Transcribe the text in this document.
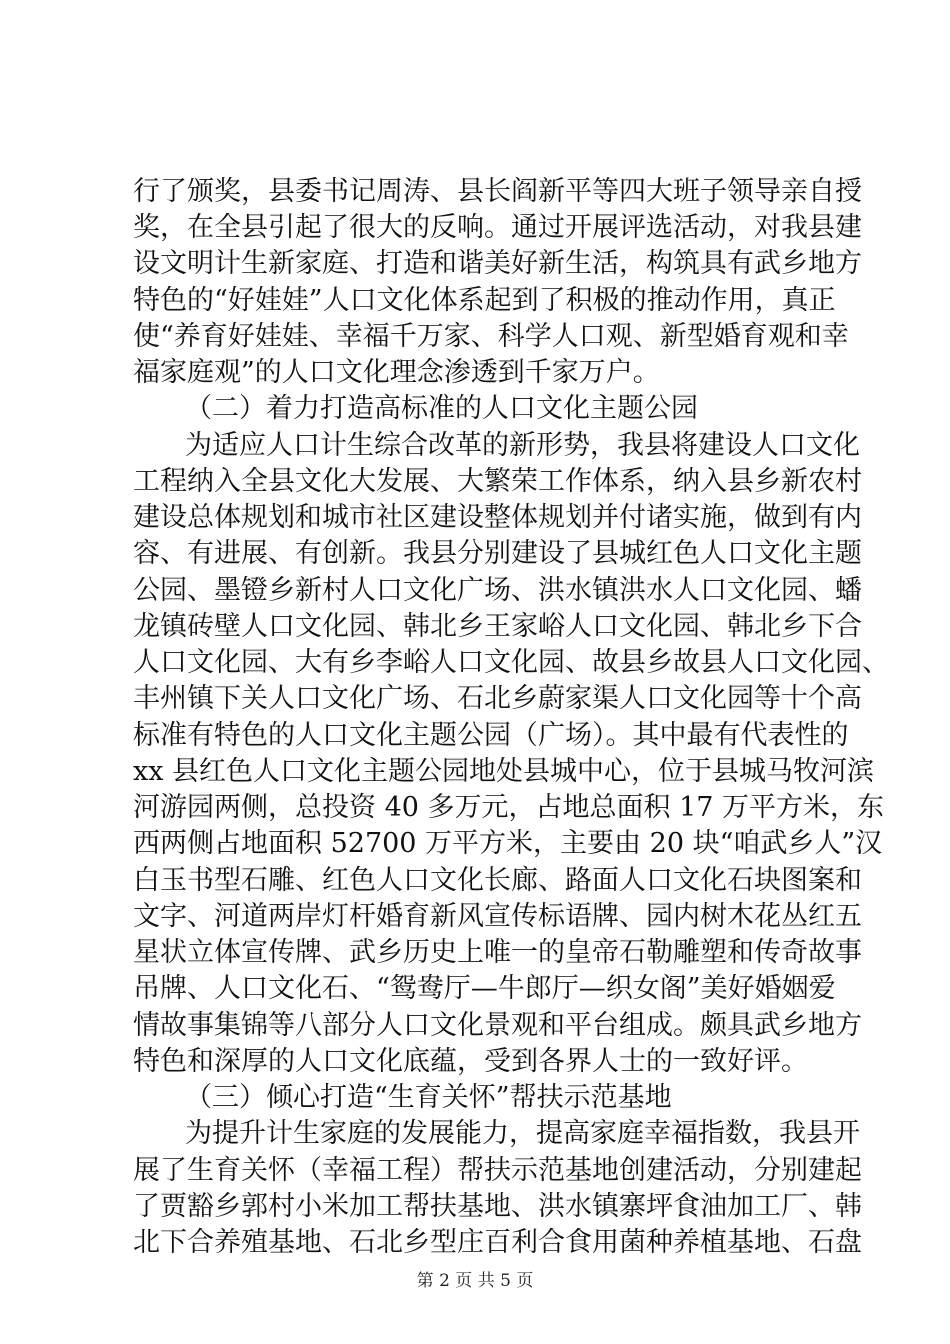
行了颁奖，县委书记周涛、县长阎新平等四大班子领导亲自授
奖，在全县引起了很大的反响。通过开展评选活动，对我县建
设文明计生新家庭、打造和谐美好新生活，构筑具有武乡地方
特色的“好娃娃”人口文化体系起到了积极的推动作用，真正
使“养育好娃娃、幸福千万家、科学人口观、新型婚育观和幸
福家庭观”的人口文化理念渗透到千家万户。
（二）着力打造高标准的人口文化主题公园
为适应人口计生综合改革的新形势，我县将建设人口文化
工程纳入全县文化大发展、大繁荣工作体系，纳入县乡新农村
建设总体规划和城市社区建设整体规划并付诸实施，做到有内
容、有进展、有创新。我县分别建设了县城红色人口文化主题
公园、墨镫乡新村人口文化广场、洪水镇洪水人口文化园、蟠
龙镇砖壁人口文化园、韩北乡王家峪人口文化园、韩北乡下合
人口文化园、大有乡李峪人口文化园、故县乡故县人口文化园、
丰州镇下关人口文化广场、石北乡蔚家渠人口文化园等十个高
标准有特色的人口文化主题公园（广场）。其中最有代表性的
xx 县红色人口文化主题公园地处县城中心，位于县城马牧河滨
河游园两侧，总投资 40 多万元，占地总面积 17 万平方米，东
西两侧占地面积 52700 万平方米，主要由 20 块“咱武乡人”汉
白玉书型石雕、红色人口文化长廊、路面人口文化石块图案和
文字、河道两岸灯杆婚育新风宣传标语牌、园内树木花丛红五
星状立体宣传牌、武乡历史上唯一的皇帝石勒雕塑和传奇故事
吊牌、人口文化石、“鸳鸯厅—牛郎厅—织女阁”美好婚姻爱
情故事集锦等八部分人口文化景观和平台组成。颇具武乡地方
特色和深厚的人口文化底蕴，受到各界人士的一致好评。
（三）倾心打造“生育关怀”帮扶示范基地
为提升计生家庭的发展能力，提高家庭幸福指数，我县开
展了生育关怀（幸福工程）帮扶示范基地创建活动，分别建起
了贾豁乡郭村小米加工帮扶基地、洪水镇寨坪食油加工厂、韩
北下合养殖基地、石北乡型庄百利合食用菌种养植基地、石盘
第 2 页 共 5 页
